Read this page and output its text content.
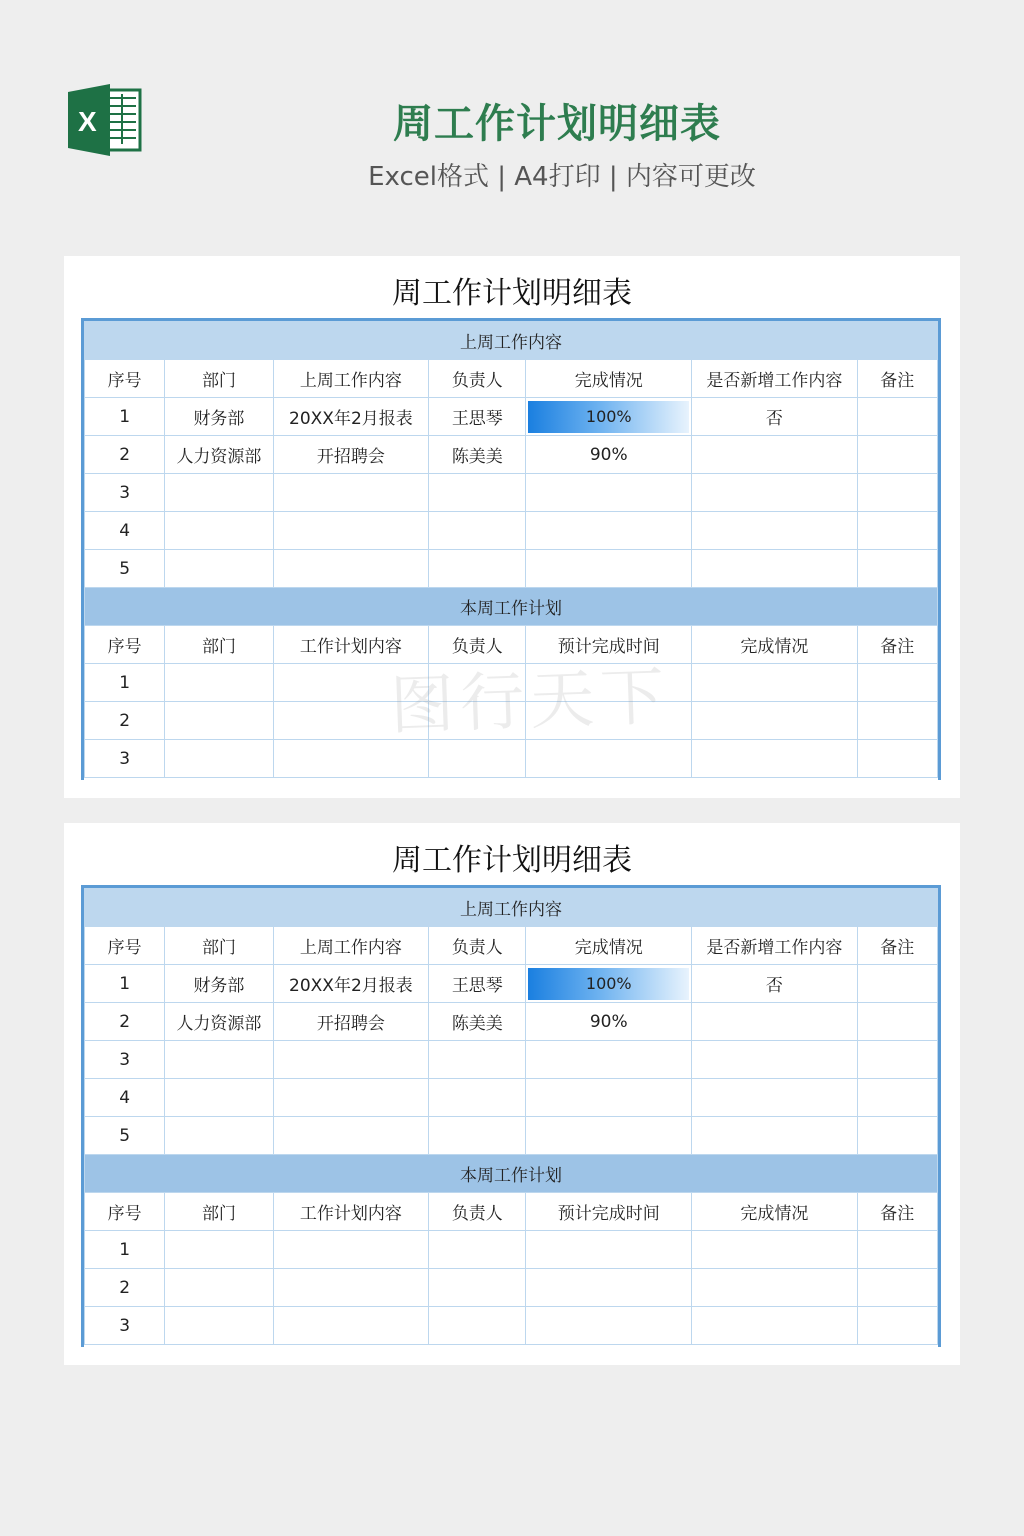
X	周工作计划明细表
Excel格式 | A4打印 | 内容可更改
周工作计划明细表
上周工作内容						
序号	部门	上周工作内容	负责人	完成情况	是否新增工作内容	备注
1	财务部	20XX年2月报表	王思琴	100%	否	
2	人力资源部	开招聘会	陈美美	90%		
3						
4						
5						
本周工作计划						
序号	部门	工作计划内容	负责人	预计完成时间	完成情况	备注
1						
2						
3						
周工作计划明细表
上周工作内容						
序号	部门	上周工作内容	负责人	完成情况	是否新增工作内容	备注
1	财务部	20XX年2月报表	王思琴	100%	否	
2	人力资源部	开招聘会	陈美美	90%		
3						
4						
5						
本周工作计划						
序号	部门	工作计划内容	负责人	预计完成时间	完成情况	备注
1						
2						
3						
图行天下
